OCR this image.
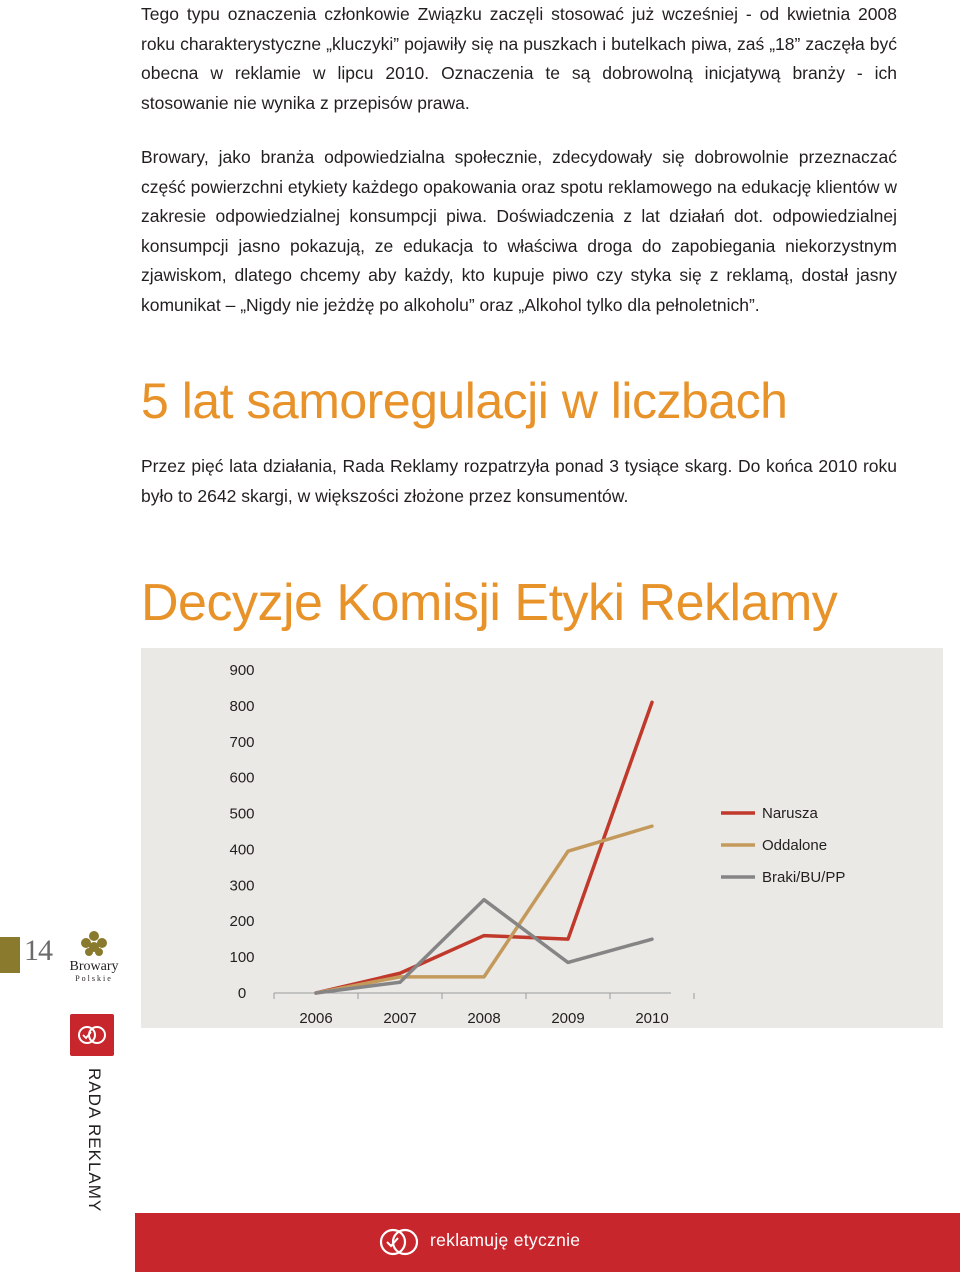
Tego typu oznaczenia członkowie Związku zaczęli stosować już wcześniej - od kwietnia 2008 roku charakterystyczne „kluczyki” pojawiły się na puszkach i butelkach piwa, zaś „18” zaczęła być obecna w reklamie w lipcu 2010. Oznaczenia te są dobrowolną inicjatywą branży - ich stosowanie nie wynika z przepisów prawa.

Browary, jako branża odpowiedzialna społecznie, zdecydowały się dobrowolnie przeznaczać część powierzchni etykiety każdego opakowania oraz spotu reklamowego na edukację klientów w zakresie odpowiedzialnej konsumpcji piwa. Doświadczenia z lat działań dot. odpowiedzialnej konsumpcji jasno pokazują, ze edukacja to właściwa droga do zapobiegania niekorzystnym zjawiskom, dlatego chcemy aby każdy, kto kupuje piwo czy styka się z reklamą, dostał jasny komunikat – „Nigdy nie jeżdżę po alkoholu” oraz „Alkohol tylko dla pełnoletnich”.

5 lat samoregulacji w liczbach

Przez pięć lata działania, Rada Reklamy rozpatrzyła ponad 3 tysiące skarg. Do końca 2010 roku było to 2642 skargi, w większości złożone przez konsumentów.

Decyzje Komisji Etyki Reklamy
900
800
700
600
500
400
300
200
100
0
2006	2007	2008	2009	2010
Narusza
Oddalone
Braki/BU/PP
14 Browary
Polskie
RADA REKLAMY
reklamuję etycznie
